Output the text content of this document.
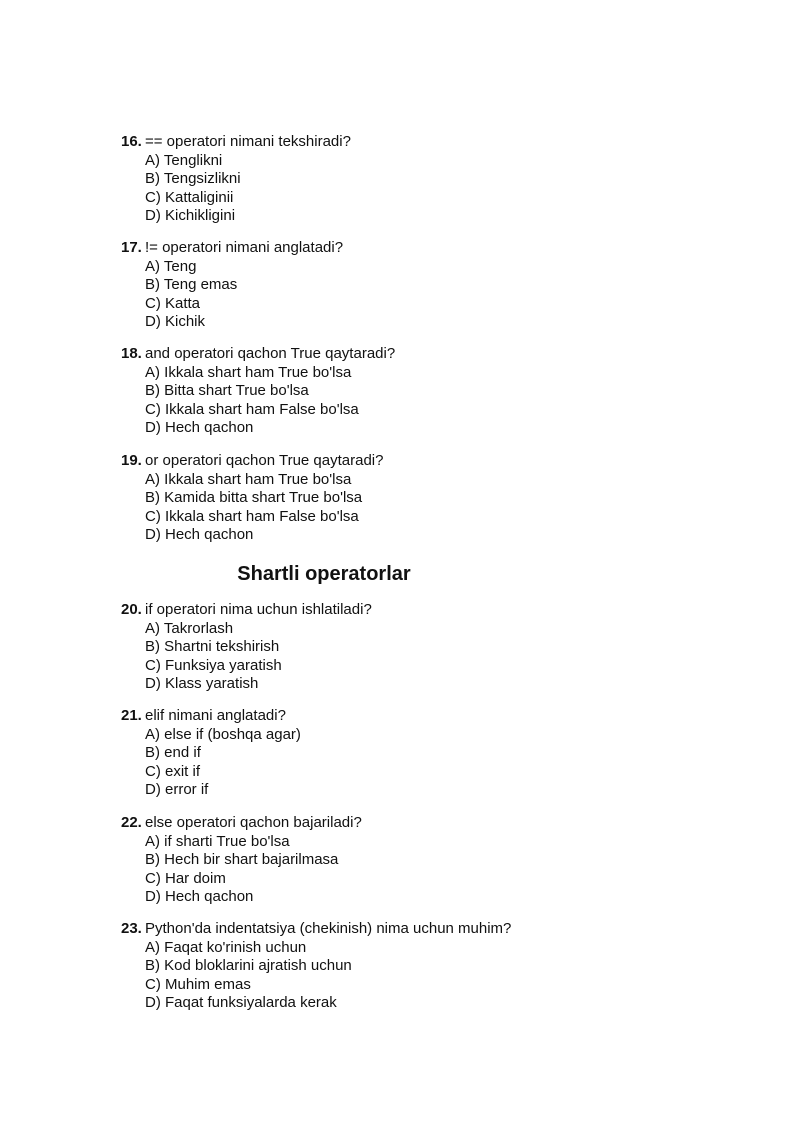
16. == operatori nimani tekshiradi?
A) Tenglikni
B) Tengsizlikni
C) Kattaliginii
D) Kichikligini
17. != operatori nimani anglatadi?
A) Teng
B) Teng emas
C) Katta
D) Kichik
18. and operatori qachon True qaytaradi?
A) Ikkala shart ham True bo'lsa
B) Bitta shart True bo'lsa
C) Ikkala shart ham False bo'lsa
D) Hech qachon
19. or operatori qachon True qaytaradi?
A) Ikkala shart ham True bo'lsa
B) Kamida bitta shart True bo'lsa
C) Ikkala shart ham False bo'lsa
D) Hech qachon
Shartli operatorlar
20. if operatori nima uchun ishlatiladi?
A) Takrorlash
B) Shartni tekshirish
C) Funksiya yaratish
D) Klass yaratish
21. elif nimani anglatadi?
A) else if (boshqa agar)
B) end if
C) exit if
D) error if
22. else operatori qachon bajariladi?
A) if sharti True bo'lsa
B) Hech bir shart bajarilmasa
C) Har doim
D) Hech qachon
23. Python'da indentatsiya (chekinish) nima uchun muhim?
A) Faqat ko'rinish uchun
B) Kod bloklarini ajratish uchun
C) Muhim emas
D) Faqat funksiyalarda kerak
